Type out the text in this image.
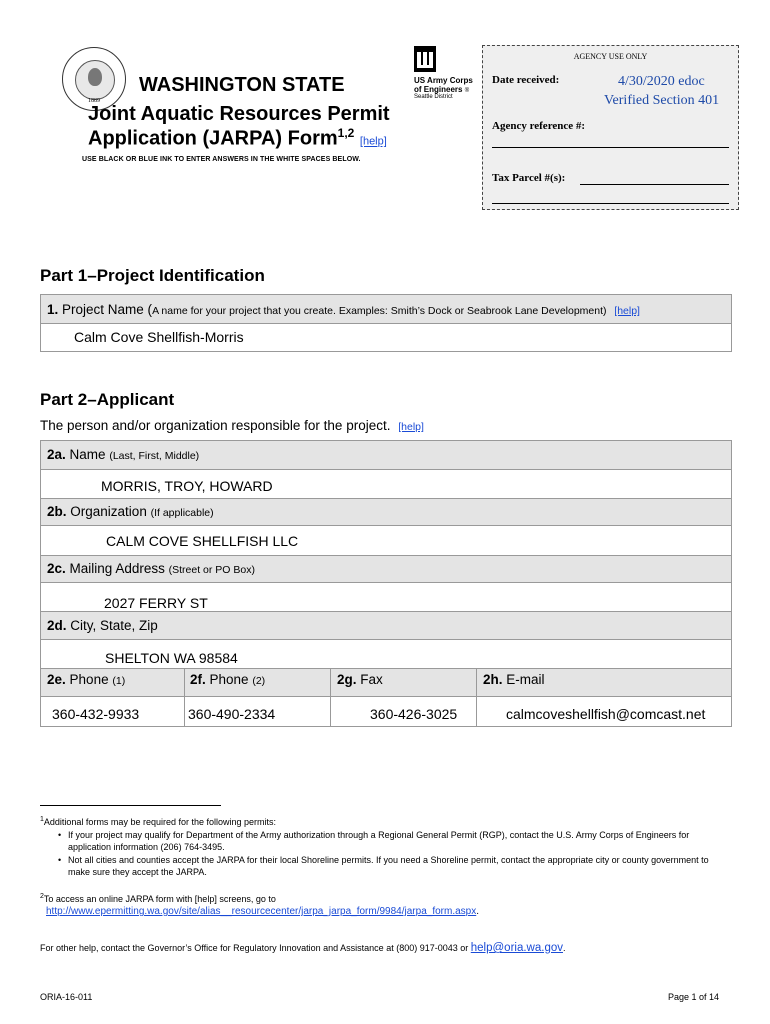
1889
WASHINGTON STATE
Joint Aquatic Resources Permit
Application (JARPA) Form$^{1,2}$ [help]
USE BLACK OR BLUE INK TO ENTER ANSWERS IN THE WHITE SPACES BELOW.
US Army Corps
of Engineers ®
Seattle District
AGENCY USE ONLY
Date received:	4/30/2020 edoc
Verified Section 401
Agency reference #:
Tax Parcel #(s):
Part 1–Project Identification
1. Project Name (A name for your project that you create. Examples: Smith’s Dock or Seabrook Lane Development) [help]
Calm Cove Shellfish-Morris
Part 2–Applicant
The person and/or organization responsible for the project. [help]
2a. Name (Last, First, Middle)
MORRIS, TROY, HOWARD
2b. Organization (If applicable)
CALM COVE SHELLFISH LLC
2c. Mailing Address (Street or PO Box)
2027 FERRY ST
2d. City, State, Zip
SHELTON WA 98584
2e. Phone (1)	2f. Phone (2)	2g. Fax	2h. E-mail
360-432-9933	360-490-2334	360-426-3025	calmcoveshellfish@comcast.net
$^1$Additional forms may be required for the following permits:
• If your project may qualify for Department of the Army authorization through a Regional General Permit (RGP), contact the U.S. Army Corps of Engineers for application information (206) 764-3495.
• Not all cities and counties accept the JARPA for their local Shoreline permits. If you need a Shoreline permit, contact the appropriate city or county government to make sure they accept the JARPA.
$^2$To access an online JARPA form with [help] screens, go to
http://www.epermitting.wa.gov/site/alias__resourcecenter/jarpa_jarpa_form/9984/jarpa_form.aspx.
For other help, contact the Governor’s Office for Regulatory Innovation and Assistance at (800) 917-0043 or help@oria.wa.gov.
ORIA-16-011	Page 1 of 14
